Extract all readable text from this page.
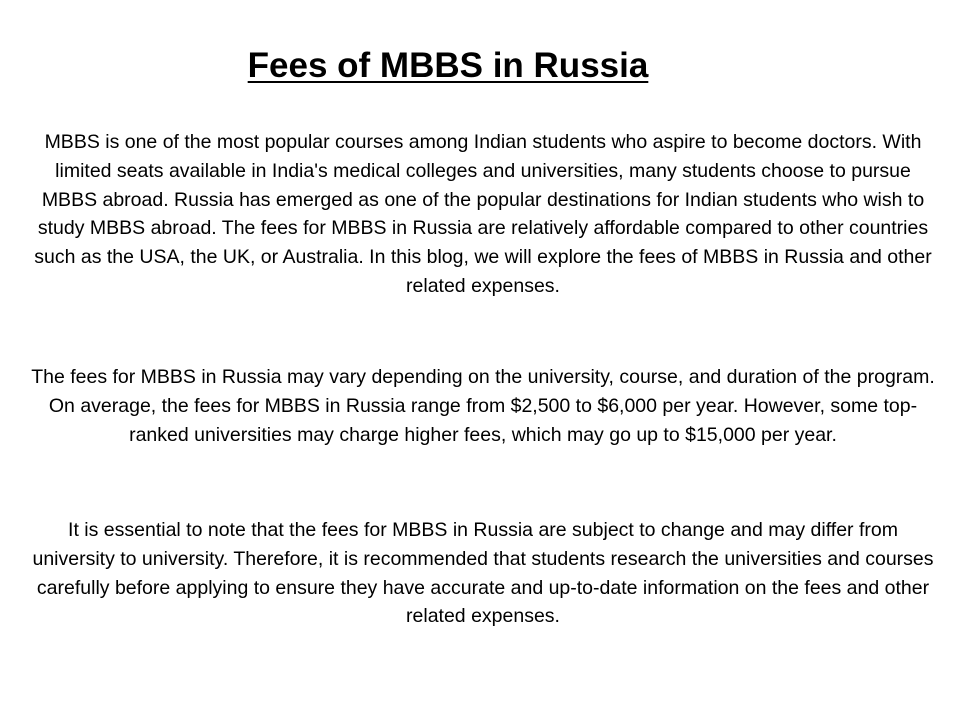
Fees of MBBS in Russia

MBBS is one of the most popular courses among Indian students who aspire to become doctors. With limited seats available in India's medical colleges and universities, many students choose to pursue MBBS abroad. Russia has emerged as one of the popular destinations for Indian students who wish to study MBBS abroad. The fees for MBBS in Russia are relatively affordable compared to other countries such as the USA, the UK, or Australia. In this blog, we will explore the fees of MBBS in Russia and other related expenses.

The fees for MBBS in Russia may vary depending on the university, course, and duration of the program. On average, the fees for MBBS in Russia range from $2,500 to $6,000 per year. However, some top-ranked universities may charge higher fees, which may go up to $15,000 per year.

It is essential to note that the fees for MBBS in Russia are subject to change and may differ from university to university. Therefore, it is recommended that students research the universities and courses carefully before applying to ensure they have accurate and up-to-date information on the fees and other related expenses.
